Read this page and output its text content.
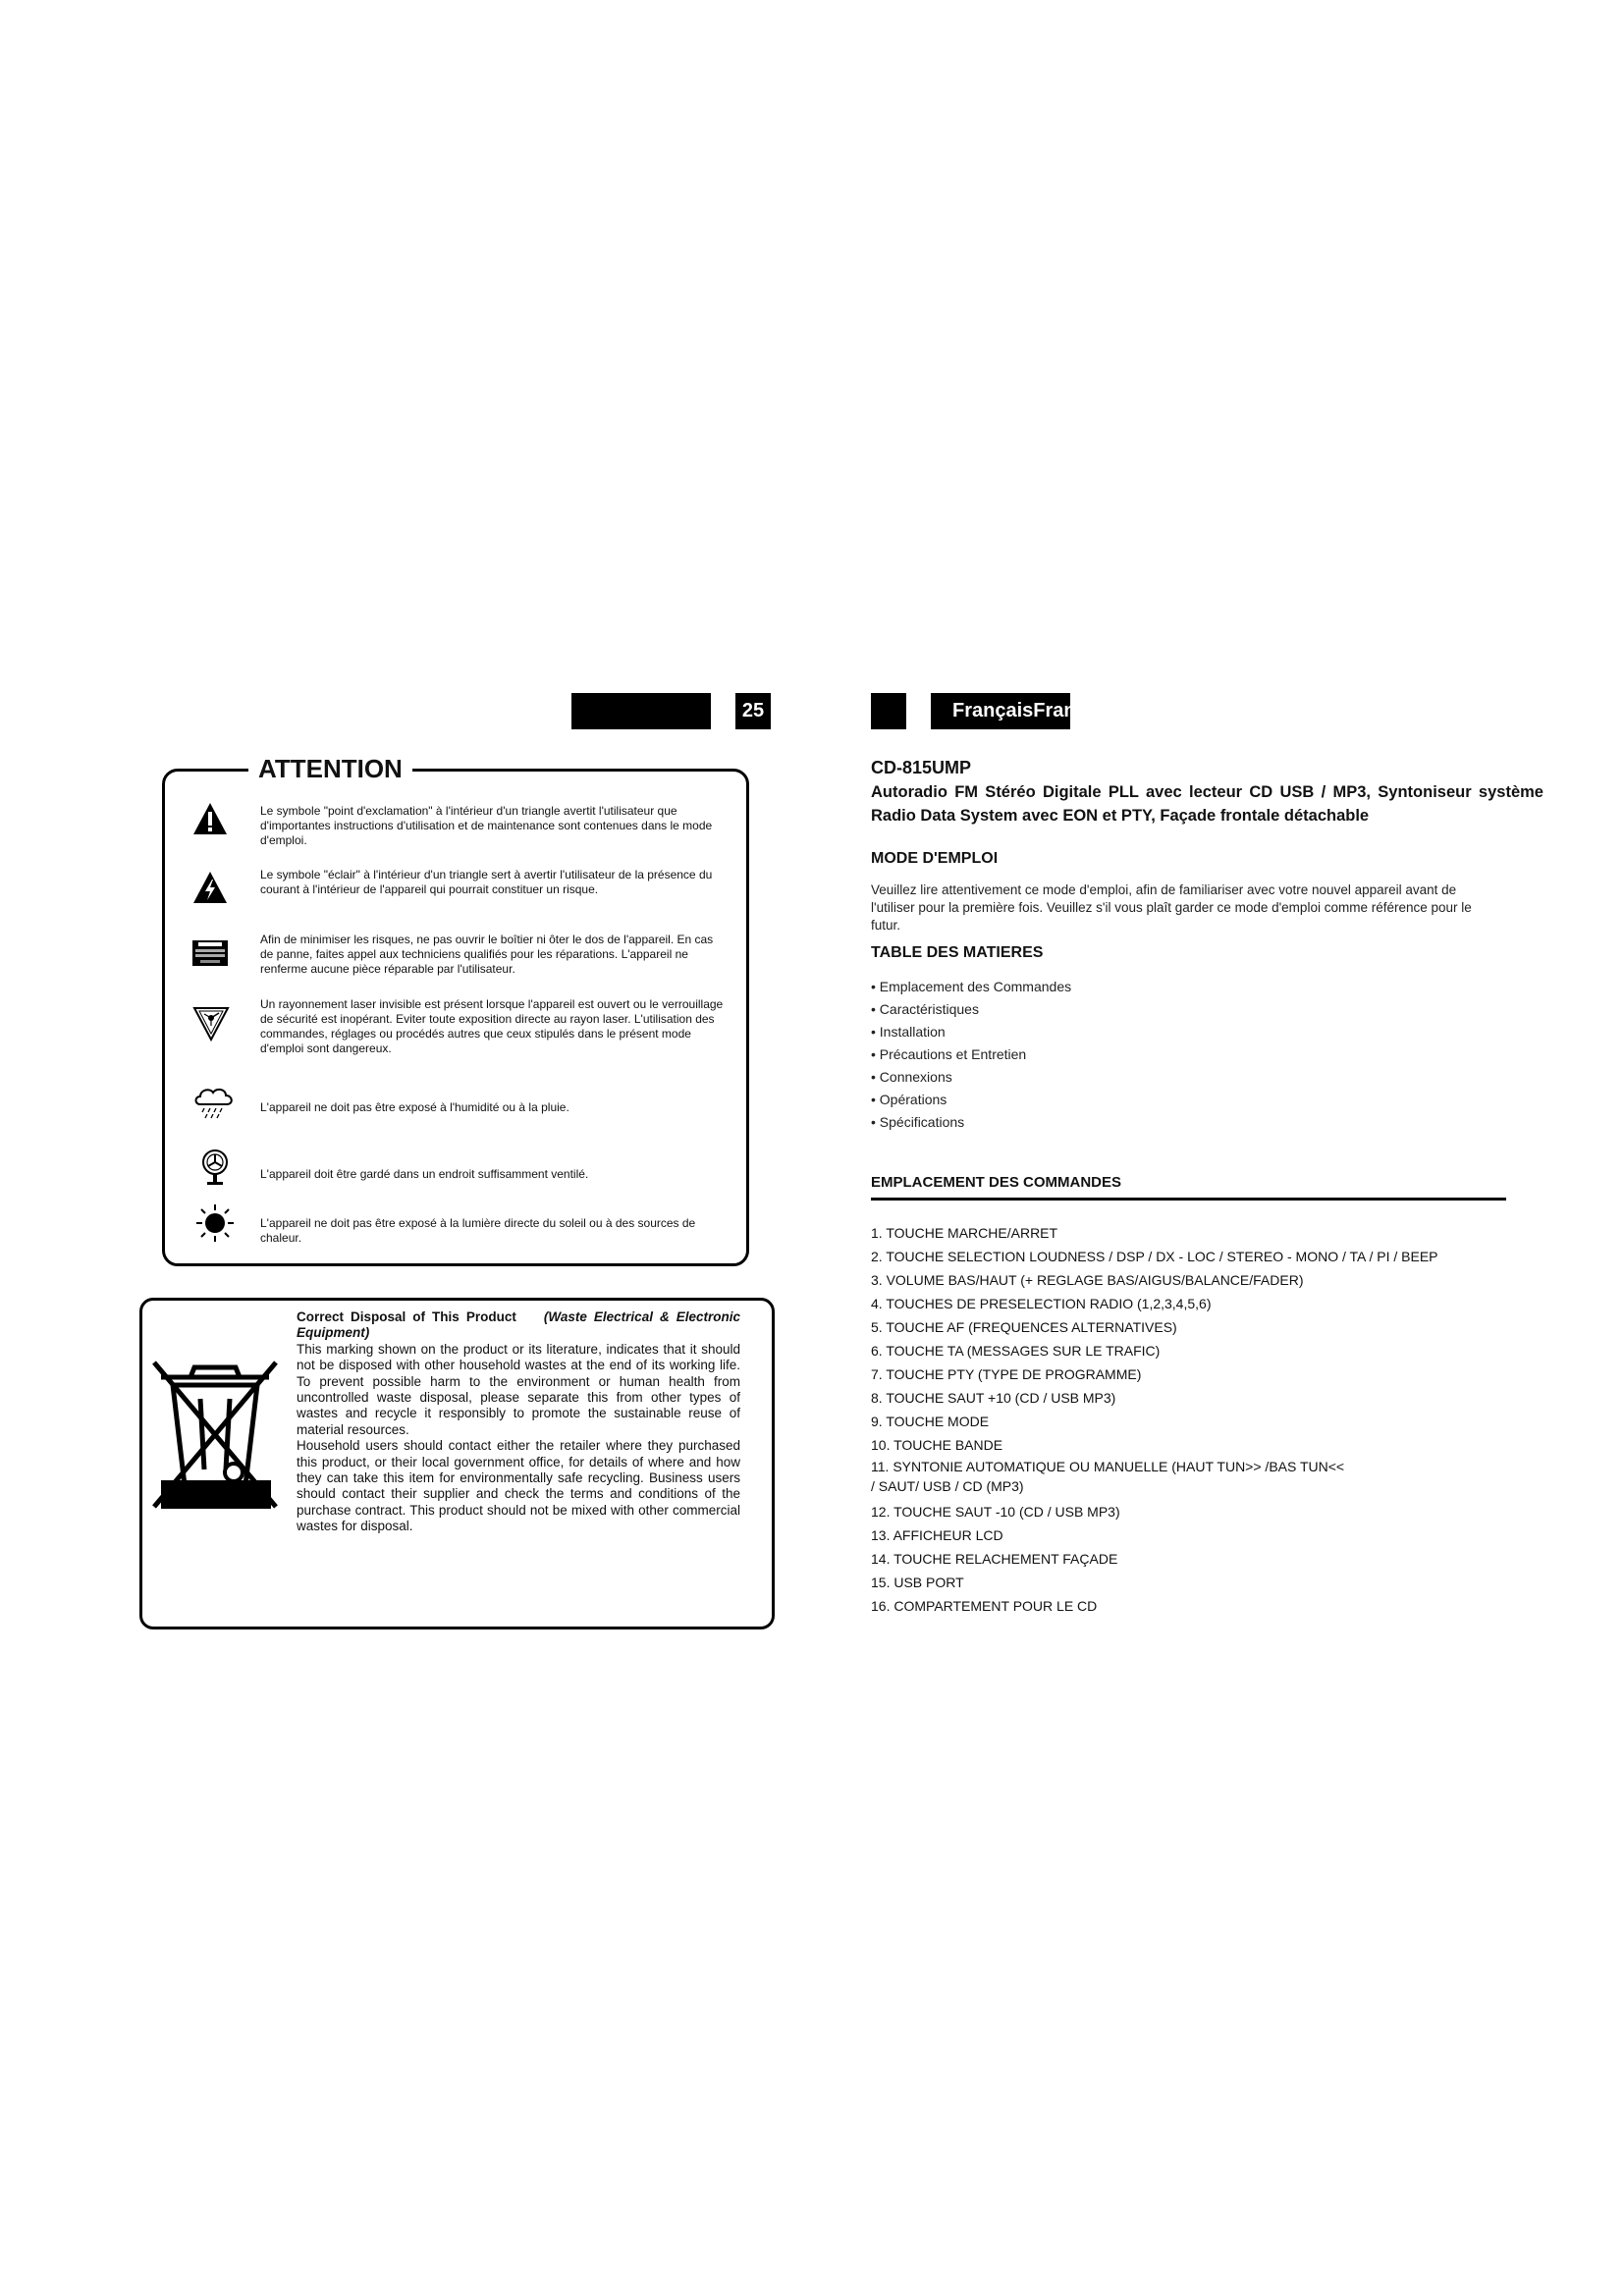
25	FrançaisFrançais
ATTENTION
Le symbole "point d'exclamation" à l'intérieur d'un triangle avertit l'utilisateur que d'importantes instructions d'utilisation et de maintenance sont contenues dans le mode d'emploi.
Le symbole "éclair" à l'intérieur d'un triangle sert à avertir l'utilisateur de la présence du courant à l'intérieur de l'appareil qui pourrait constituer un risque.
Afin de minimiser les risques, ne pas ouvrir le boîtier ni ôter le dos de l'appareil. En cas de panne, faites appel aux techniciens qualifiés pour les réparations. L'appareil ne renferme aucune pièce réparable par l'utilisateur.
Un rayonnement laser invisible est présent lorsque l'appareil est ouvert ou le verrouillage de sécurité est inopérant. Eviter toute exposition directe au rayon laser. L'utilisation des commandes, réglages ou procédés autres que ceux stipulés dans le présent mode d'emploi sont dangereux.
L'appareil ne doit pas être exposé à l'humidité ou à la pluie.
L'appareil doit être gardé dans un endroit suffisamment ventilé.
L'appareil ne doit pas être exposé à la lumière directe du soleil ou à des sources de chaleur.
Correct Disposal of This Product (Waste Electrical & Electronic Equipment)
This marking shown on the product or its literature, indicates that it should not be disposed with other household wastes at the end of its working life. To prevent possible harm to the environment or human health from uncontrolled waste disposal, please separate this from other types of wastes and recycle it responsibly to promote the sustainable reuse of material resources.
Household users should contact either the retailer where they purchased this product, or their local government office, for details of where and how they can take this item for environmentally safe recycling. Business users should contact their supplier and check the terms and conditions of the purchase contract. This product should not be mixed with other commercial wastes for disposal.
CD-815UMP
Autoradio FM Stéréo Digitale PLL avec lecteur CD USB / MP3, Syntoniseur système Radio Data System avec EON et PTY, Façade frontale détachable
MODE D'EMPLOI
Veuillez lire attentivement ce mode d'emploi, afin de familiariser avec votre nouvel appareil avant de l'utiliser pour la première fois. Veuillez s'il vous plaît garder ce mode d'emploi comme référence pour le futur.
TABLE DES MATIERES
• Emplacement des Commandes
• Caractéristiques
• Installation
• Précautions et Entretien
• Connexions
• Opérations
• Spécifications
EMPLACEMENT DES COMMANDES
1. TOUCHE MARCHE/ARRET
2. TOUCHE SELECTION LOUDNESS / DSP / DX - LOC / STEREO - MONO / TA / PI / BEEP
3. VOLUME BAS/HAUT (+ REGLAGE BAS/AIGUS/BALANCE/FADER)
4. TOUCHES DE PRESELECTION RADIO (1,2,3,4,5,6)
5. TOUCHE AF (FREQUENCES ALTERNATIVES)
6. TOUCHE TA (MESSAGES SUR LE TRAFIC)
7. TOUCHE PTY (TYPE DE PROGRAMME)
8. TOUCHE SAUT +10 (CD / USB MP3)
9. TOUCHE MODE
10. TOUCHE BANDE
11. SYNTONIE AUTOMATIQUE OU MANUELLE (HAUT TUN>> /BAS TUN<<
/ SAUT/ USB / CD (MP3)
12. TOUCHE SAUT -10 (CD / USB MP3)
13. AFFICHEUR LCD
14. TOUCHE RELACHEMENT FAÇADE
15. USB PORT
16. COMPARTEMENT POUR LE CD
